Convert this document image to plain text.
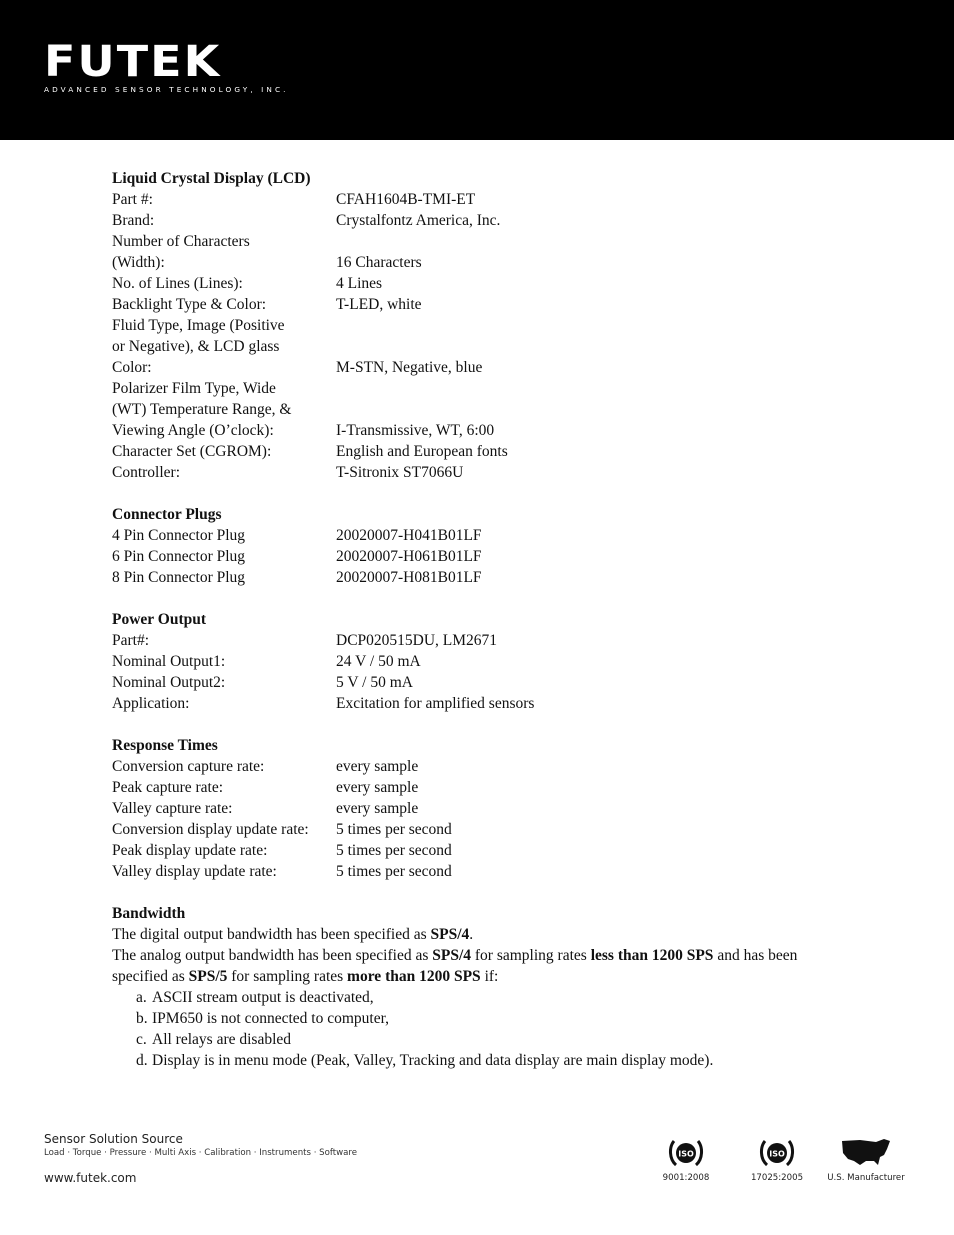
FUTEK
ADVANCED SENSOR TECHNOLOGY, INC.
Liquid Crystal Display (LCD)
Part #:	CFAH1604B-TMI-ET
Brand:	Crystalfontz America, Inc.
Number of Characters
(Width):	16 Characters
No. of Lines (Lines):	4 Lines
Backlight Type & Color:	T-LED, white
Fluid Type, Image (Positive
or Negative), & LCD glass
Color:	M-STN, Negative, blue
Polarizer Film Type, Wide
(WT) Temperature Range, &
Viewing Angle (O’clock):	I-Transmissive, WT, 6:00
Character Set (CGROM):	English and European fonts
Controller:	T-Sitronix ST7066U
Connector Plugs
4 Pin Connector Plug	20020007-H041B01LF
6 Pin Connector Plug	20020007-H061B01LF
8 Pin Connector Plug	20020007-H081B01LF
Power Output
Part#:	DCP020515DU, LM2671
Nominal Output1:	24 V / 50 mA
Nominal Output2:	5 V / 50 mA
Application:	Excitation for amplified sensors
Response Times
Conversion capture rate:	every sample
Peak capture rate:	every sample
Valley capture rate:	every sample
Conversion display update rate:	5 times per second
Peak display update rate:	5 times per second
Valley display update rate:	5 times per second
Bandwidth

The digital output bandwidth has been specified as SPS/4.

The analog output bandwidth has been specified as SPS/4 for sampling rates less than 1200 SPS and has been specified as SPS/5 for sampling rates more than 1200 SPS if:

a. ASCII stream output is deactivated,
b. IPM650 is not connected to computer,
c. All relays are disabled
d. Display is in menu mode (Peak, Valley, Tracking and data display are main display mode).
Sensor Solution Source
Load · Torque · Pressure · Multi Axis · Calibration · Instruments · Software
www.futek.com
ISO
9001:2008
ISO
17025:2005	U.S. Manufacturer
